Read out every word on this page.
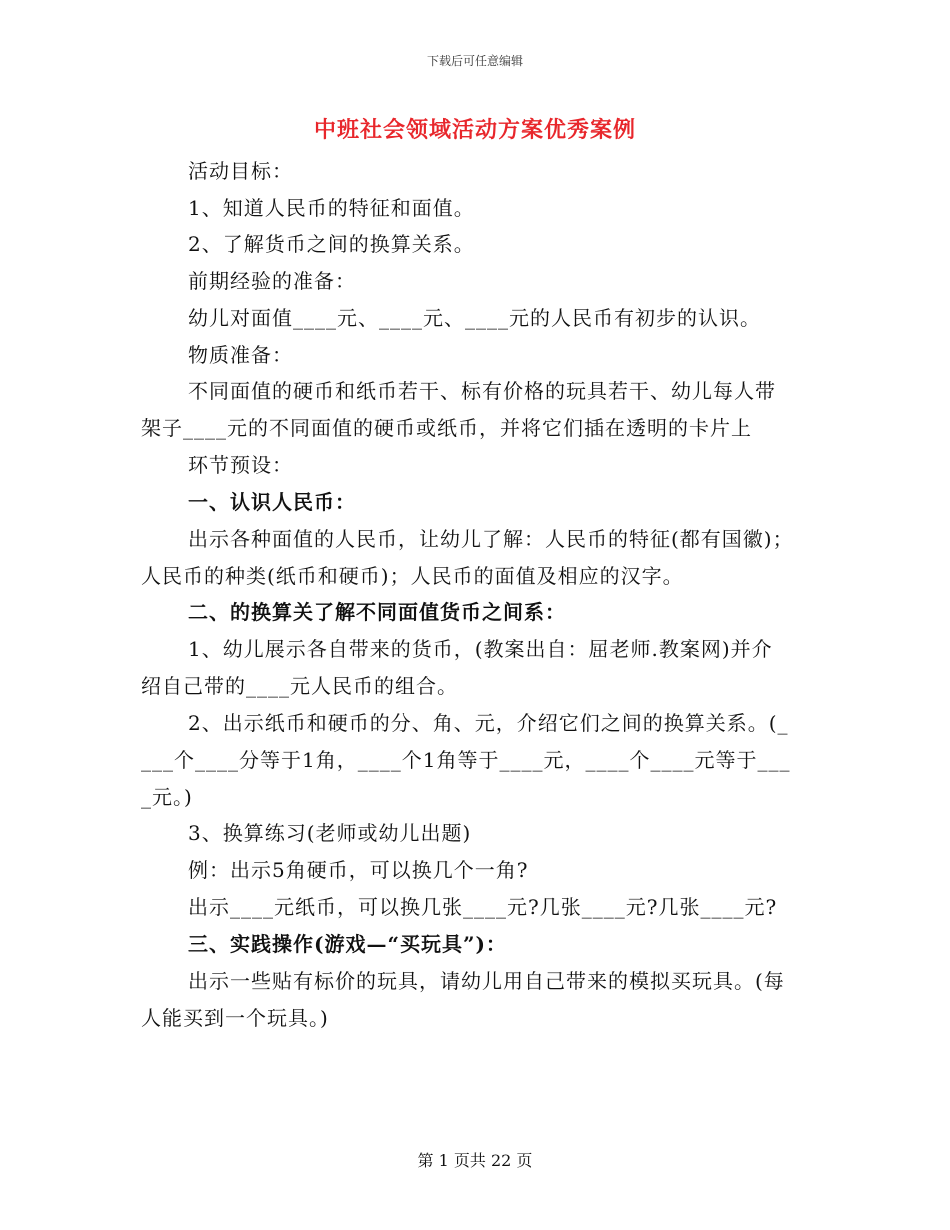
下载后可任意编辑
中班社会领域活动方案优秀案例
活动目标：
1、知道人民币的特征和面值。
2、了解货币之间的换算关系。
前期经验的准备：
幼儿对面值____元、____元、____元的人民币有初步的认识。
物质准备：
不同面值的硬币和纸币若干、标有价格的玩具若干、幼儿每人带
架子____元的不同面值的硬币或纸币，并将它们插在透明的卡片上
环节预设：
一、认识人民币：
出示各种面值的人民币，让幼儿了解：人民币的特征(都有国徽)；
人民币的种类(纸币和硬币)；人民币的面值及相应的汉字。
二、的换算关了解不同面值货币之间系：
1、幼儿展示各自带来的货币，(教案出自：屈老师.教案网)并介
绍自己带的____元人民币的组合。
2、出示纸币和硬币的分、角、元，介绍它们之间的换算关系。(_
___个____分等于1角，____个1角等于____元，____个____元等于___
_元。)
3、换算练习(老师或幼儿出题)
例：出示5角硬币，可以换几个一角?
出示____元纸币，可以换几张____元?几张____元?几张____元?
三、实践操作(游戏—“买玩具”)：
出示一些贴有标价的玩具，请幼儿用自己带来的模拟买玩具。(每
人能买到一个玩具。)
第 1 页共 22 页
